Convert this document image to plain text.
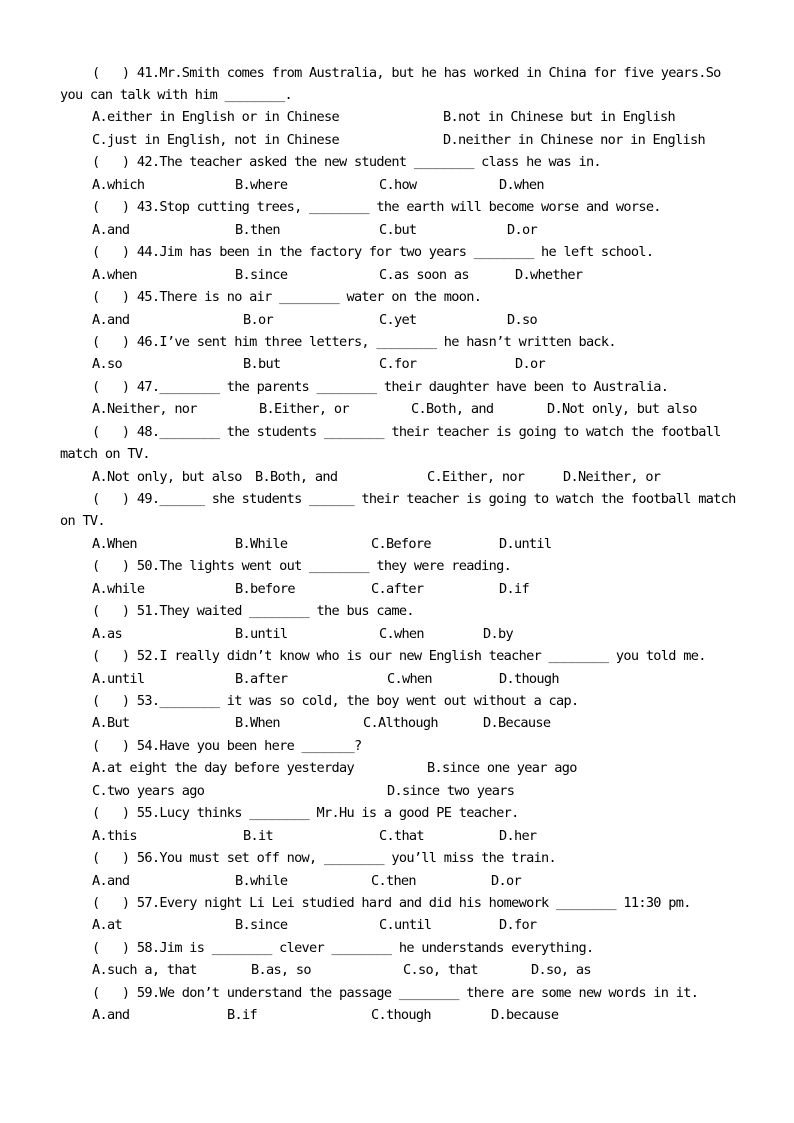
(   ) 41.Mr.Smith comes from Australia, but he has worked in China for five years.So
you can talk with him ________.
A.either in English or in Chinese	B.not in Chinese but in English
C.just in English, not in Chinese	D.neither in Chinese nor in English
(   ) 42.The teacher asked the new student ________ class he was in.
A.which	B.where	C.how	D.when
(   ) 43.Stop cutting trees, ________ the earth will become worse and worse.
A.and	B.then	C.but	D.or
(   ) 44.Jim has been in the factory for two years ________ he left school.
A.when	B.since	C.as soon as	D.whether
(   ) 45.There is no air ________ water on the moon.
A.and	B.or	C.yet	D.so
(   ) 46.I’ve sent him three letters, ________ he hasn’t written back.
A.so	B.but	C.for	D.or
(   ) 47.________ the parents ________ their daughter have been to Australia.
A.Neither, nor	B.Either, or	C.Both, and	D.Not only, but also
(   ) 48.________ the students ________ their teacher is going to watch the football
match on TV.
A.Not only, but also B.Both, and	C.Either, nor	D.Neither, or
(   ) 49.______ she students ______ their teacher is going to watch the football match
on TV.
A.When	B.While	C.Before	D.until
(   ) 50.The lights went out ________ they were reading.
A.while	B.before	C.after	D.if
(   ) 51.They waited ________ the bus came.
A.as	B.until	C.when	D.by
(   ) 52.I really didn’t know who is our new English teacher ________ you told me.
A.until	B.after	C.when	D.though
(   ) 53.________ it was so cold, the boy went out without a cap.
A.But	B.When	C.Although	D.Because
(   ) 54.Have you been here _______?
A.at eight the day before yesterday	B.since one year ago
C.two years ago	D.since two years
(   ) 55.Lucy thinks ________ Mr.Hu is a good PE teacher.
A.this	B.it	C.that	D.her
(   ) 56.You must set off now, ________ you’ll miss the train.
A.and	B.while	C.then	D.or
(   ) 57.Every night Li Lei studied hard and did his homework ________ 11:30 pm.
A.at	B.since	C.until	D.for
(   ) 58.Jim is ________ clever ________ he understands everything.
A.such a, that	B.as, so	C.so, that	D.so, as
(   ) 59.We don’t understand the passage ________ there are some new words in it.
A.and	B.if	C.though	D.because
